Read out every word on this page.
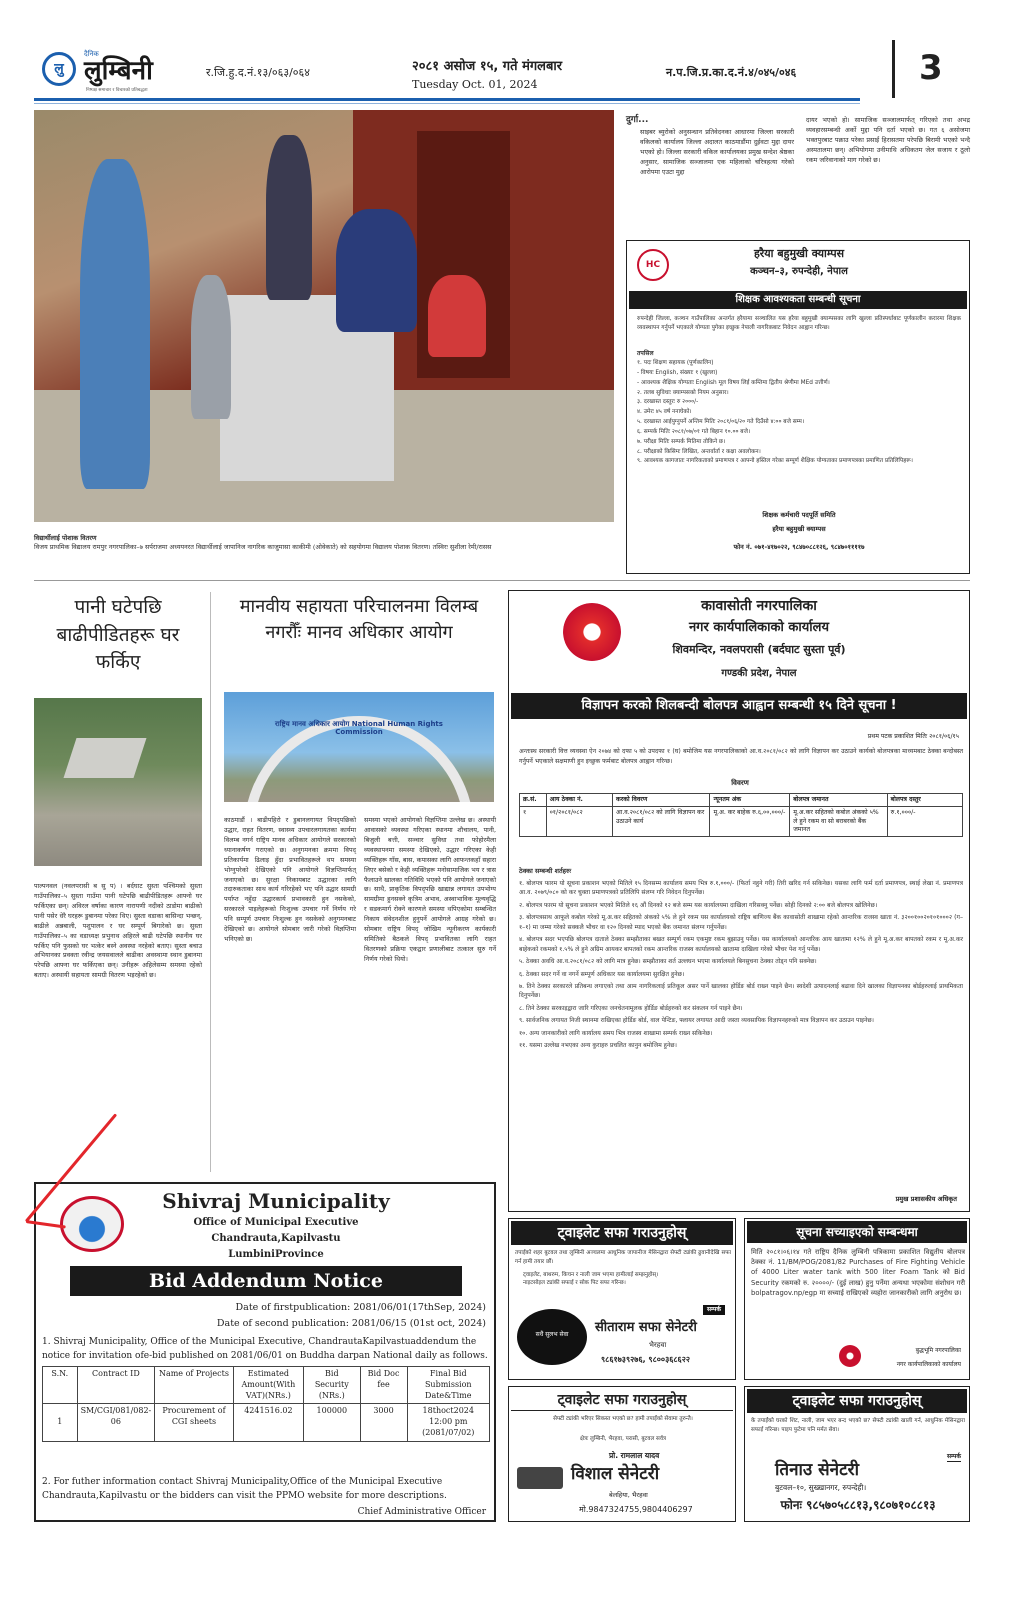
लु
दैनिक
लुम्बिनी
निष्पक्ष समाचार र विचारको प्रतिबद्धता
र.जि.हु.द.नं.१३/०६३/०६४	२०८१ असोज १५, गते मंगलबार
Tuesday Oct. 01, 2024
न.प.जि.प्र.का.द.नं.४/०४५/०४६	3
विद्यार्थीलाई पोशाक वितरण
विजय प्राथमिक विद्यालय रामपुर नगरपालिका–७ सर्पराजमा अध्ययनरत विद्यार्थीलाई जापानिज नागरिक काजुमासा काकीमी (ओवेकाते) को सहयोगमा विद्यालय पोशाक वितरण। तस्विरः सुशीला रेमी/रासस
दुर्गा...
साइबर ब्युरोको अनुसन्धान प्रतिवेदनका आधारमा जिल्ला सरकारी वकिलको कार्यालय जिल्ला अदालत काठमाडौंमा दुईवटा मुद्दा दायर भएको हो। जिल्ला सरकारी वकिल कार्यालयका प्रमुख सन्देश श्रेष्ठका अनुसार, सामाजिक सञ्जालमा एक महिलाको चरित्रहत्या गरेको आरोपमा एउटा मुद्दा
दायर भएको हो। सामाजिक सञ्जालमार्फत् गरिएको तथा अभद्र व्यवहारसम्बन्धी अर्को मुद्दा पनि दर्ता भएको छ। गत ६ असोजमा भक्तपुरबाट पक्राउ परेका प्रसाईं हिरासतमा परेपछि बिरामी भएको भन्दै अस्पतालमा छन्। अभियोगमा उनीमाथि अधिकतम जेल सजाय र ठूलो रकम जरिवानाको माग गरेको छ।
HC
हरैया बहुमुखी क्याम्पस
कञ्चन–३, रुपन्देही, नेपाल
शिक्षक आवश्यकता सम्बन्धी सूचना
रुपन्देही जिल्ला, कञ्चन गाउँपालिका अन्तर्गत हरैयामा सञ्चालित यस हरैया बहुमुखी क्याम्पसका लागि खुल्ला प्रतिस्पर्धाबाट पूर्णकालीन करारमा शिक्षक व्यवस्थापन गर्नुपर्ने भएकाले योग्यता पुगेका इच्छुक नेपाली नागरिकबाट निवेदन आह्वान गरिन्छ।
तपसिल
१. पदः शिक्षण सहायक (पूर्णकालिन)
- विषयः English, संख्याः १ (खुल्ला)
- आवश्यक शैक्षिक योग्यताः English मूल विषय लिई कम्तिमा द्वितीय श्रेणीमा MEd उत्तीर्ण।
२. तलब सुविधाः क्याम्पसको नियम अनुसार।
३. दरखास्त दस्तुरः रु २०००/-
४. उमेरः ४५ वर्ष ननाघेको।
५. दरखास्त आईपुग्नुपर्ने अन्तिम मितिः २०८१/०६/२० गते दिउँसो ४:०० बजे सम्म।
६. सम्पर्क मितिः २०८१/०७/०१ गते बिहान १०.०० बजे।
७. परीक्षा मितिः सम्पर्क मितिमा तोकिने छ।
८. परीक्षाको किसिमः लिखित, अन्तर्वार्ता र कक्षा अवलोकन।
९. आवश्यक कागजातः नागरिकताको प्रमाणपत्र र आफ्नो हस्तिल गरेका सम्पूर्ण शैक्षिक योग्यताका प्रमाणपत्रका प्रमाणित प्रतिलिपिहरू।
शिक्षक कर्मचारी पदपूर्ति समिति
हरैया बहुमुखी क्याम्पस
फोन नं. ०७१-४१७०२२, ९८४७०८८१२६, ९८४७०११११७
पानी घटेपछि बाढीपीडितहरू घर फर्किए
पाल्पनवल (नवलपरासी ब सु प) । बर्दघाट सुस्ता पश्चिमको सुस्ता गाउँपालिका–५ सुस्ता गाउँमा पानी घटेपछि बाढीपीडितहरू आफ्नो घर फर्किएका छन्। अविरल वर्षाका कारण नारायणी नदीको ठाडोमा बाढीको पानी पसेर धेरै घरहरू डुबानमा परेका थिए। सुस्ता वडाका बासिन्दा भन्छन्, बाढीले अन्नबाली, पशुपालन र घर सम्पूर्ण बिगारेको छ। सुस्ता गाउँपालिका–५ का वडाध्यक्ष प्रभुनाथ अहिरले बाढी घटेपछि स्थानीय घर फर्किए पनि फुसको घर भत्केर बस्ने अवस्था नरहेको बताए। सुस्ता बचाउ अभियानका प्रवक्ता रवीन्द्र जयसवालले बाढीका अवस्थामा स्थान डुबानमा परेपछि आफ्ना घर फर्किएका छन्। उनीहरू अहिलेसम्म समस्या रहेको बताए। अस्थायी सहायता सामग्री वितरण भइरहेको छ।
मानवीय सहायता परिचालनमा विलम्ब नगरौँः मानव अधिकार आयोग
राष्ट्रिय मानव अधिकार आयोग National Human Rights Commission
काठमाडौं । बाढीपहिरो र डुबानलगायत विपद्पछिको उद्धार, राहत वितरण, स्वास्थ्य उपचारलगायतका कार्यमा विलम्ब नगर्न राष्ट्रिय मानव अधिकार आयोगले सरकारको ध्यानाकर्षण गराएको छ। अनुगमनका क्रममा विपद् प्रतिकार्यमा ढिलाइ हुँदा प्रभावितहरूले थप समस्या भोग्नुपरेको देखिएको पनि आयोगले विज्ञप्तिमार्फत् जनाएको छ। सुरक्षा निकायबाट उद्धारका लागि तदारुकताका साथ कार्य गरिरहेको भए पनि उद्धार सामग्री पर्याप्त नहुँदा उद्धारकार्य प्रभावकारी हुन नसकेको, सरकारले पाइलेहरूको निःशुल्क उपचार गर्ने निर्णय गरे पनि सम्पूर्ण उपचार निःशुल्क हुन नसकेको अनुगमनबाट देखिएको छ। आयोगले सोमबार जारी गरेको विज्ञप्तिमा भनिएको छ।
समस्या भएको आयोगको विज्ञप्तिमा उल्लेख छ। अस्थायी आवासको व्यवस्था गरिएका स्थानमा शौचालय, पानी, बिजुली बत्ती, सञ्चार सुविधा तथा फोहोरमैला व्यवस्थापनमा समस्या देखिएको, उद्धार गरिएका केही व्यक्तिहरू गाँस, बास, कपासका लागि आफन्तकहाँ सहारा लिएर बसेको र केही व्यक्तिहरू मनोसामाजिक भय र त्रास फैलाउने खालका गतिविधि भएको पनि आयोगले जनाएको छ। साथै, प्राकृतिक विपद्पछि खाद्यान्न लगायत उपभोग्य सामग्रीमा हुनसक्ने कृत्रिम अभाव, अस्वाभाविक मूल्यवृद्धि र सडकमार्ग रोक्ने कारणले समस्या थपिएकोमा सम्बन्धित निकाय संवेदनशील हुनुपर्ने आयोगले आग्रह गरेको छ। सोमबार राष्ट्रिय विपद् जोखिम न्यूनीकरण कार्यकारी समितिको बैठकले विपद् प्रभावितका लागि राहत वितरणको प्रक्रिया एकद्वार प्रणालीबाट तत्काल सुरु गर्ने निर्णय गरेको थियो।
कावासोती नगरपालिका
नगर कार्यपालिकाको कार्यालय
शिवमन्दिर, नवलपरासी (बर्दघाट सुस्ता पूर्व)
गण्डकी प्रदेश, नेपाल
विज्ञापन करको शिलबन्दी बोलपत्र आह्वान सम्बन्धी १५ दिने सूचना !
प्रथम पटक प्रकाशित मितिः २०८१/०६/१५
अन्तःस्थ सरकारी वित्त व्यवस्था ऐन २०७४ को दफा ५ को उपदफा १ (घ) बमोजिम यस नगरपालिकाको आ.व.२०८१/०८२ को लागि विज्ञापन कर उठाउने कार्यको बोलपत्रका माध्यमबाट ठेक्का बन्दोबस्त गर्नुपर्ने भएकाले सक्षमाणी हुन इच्छुक फर्मबाट बोलपत्र आह्वान गरिन्छ।
विवरण
क्र.सं.	आय ठेक्का नं.	करको विवरण	न्यूनतम अंक	बोलपत्र जमानत	बोलपत्र दस्तुर
१	०१/२०८१/०८२	आ.व.२०८१/०८२ को लागि विज्ञापन कर उठाउने कार्य	मू.अ. कर बाहेक रु.६,००,०००/-	मू.अ.कर सहितको कबोल अंकको ५% ले हुने रकम वा सो बराबरको बैंक जमानत	रु.१,०००/-
ठेक्का सम्बन्धी शर्तहरुः
१. बोलपत्र फारम यो सूचना प्रकाशन भएको मितिले १५ दिनसम्म कार्यालय समय भित्र रु.१,०००/- (फिर्ता नहुने गरी) तिरी खरिद गर्न सकिनेछ। यसका लागि फर्म दर्ता प्रमाणपत्र, स्थाई लेखा नं. प्रमाणपत्र आ.व. २०७९/०८० को कर चुक्ता प्रमाणपत्रको प्रतिलिपि संलग्न गरि निवेदन दिनुपर्नेछ।
२. बोलपत्र फारम यो सूचना प्रकाशन भएको मितिले १६ औं दिनको १२ बजे सम्म यस कार्यालयमा दाखिला गरिसक्नु पर्नेछ। सोही दिनको २:०० बजे बोलपत्र खोलिनेछ।
३. बोलपत्रसाथ आफूले कबोल गरेको मू.अ.कर सहितको अंकको ५% ले हुने रकम यस कार्यालयको राष्ट्रिय बाणिज्य बैंक कावासोती शाखामा रहेको आन्तरिक राजस्व खाता नं. ३२००१००२०१०१०००२ (ग–१–१) मा जम्मा गरेको सक्कलै भौचर वा १२० दिनको म्याद भएको बैंक जमानत संलग्न गर्नुपर्नेछ।
४. बोलपत्र सदर भएपछि बोलपत्र दाताले ठेक्का सम्झौताका बखत सम्पूर्ण रकम एकमुष्ट रकम बुझाउनु पर्नेछ। यस कार्यालयको आन्तरिक आय खातामा १२% ले हुने मू.अ.कर बापतको रकम र मू.अ.कर बाहेकको रकमको १.५% ले हुने अग्रिम आयकर बापतको रकम आन्तरिक राजस्व कार्यालयको खातामा दाखिला गरेको भौचर पेश गर्नु पर्नेछ।
५. ठेक्का अवधि आ.व.२०८१/०८२ को लागि मात्र हुनेछ। सम्झौताका शर्त उल्लघन भएमा कार्यालयले बिनसुचना ठेक्का तोड्न पनि सक्नेछ।
६. ठेक्का सदर गर्ने वा नगर्ने सम्पूर्ण अधिकार यस कार्यालयमा सुरक्षित हुनेछ।
७. तिने ठेक्का सरकारले प्रतिबन्ध लगाएको तथा आम नागरिकलाई प्रतिकूल असर पार्ने खालका होर्डिङ बोर्ड राख्न पाइने छैन। स्वदेशी उत्पादनलाई बढावा दिने खालका विज्ञापनका बोर्डहरुलाई प्राथमिकता दिनुपर्नेछ।
८. तिने ठेक्का सरकाइद्वारा जारि गरिएका जनचेतनामूलक होर्डिङ बोर्डहरुको कर संकलन गर्न पाइने छैन।
९. सार्वजनिक लगायत निजी स्थानमा राखिएका होर्डिङ बोर्ड, वाल पेन्टिङ, फ्लायर लगायत आदी जस्ता व्यवसायिक विज्ञापनहरुको मात्र विज्ञापन कर उठाउन पाइनेछ।
१०. अन्य जानकारीको लागि कार्यालय समय भित्र राजस्व शाखामा सम्पर्क राख्न सकिनेछ।
११. यसमा उल्लेख नभएका अन्य कुराहरु प्रचलित कानुन बमोजिम हुनेछ।
प्रमुख प्रशासकीय अधिकृत
Shivraj Municipality
Office of Municipal Executive
Chandrauta,Kapilvastu
LumbiniProvince
Bid Addendum Notice
Date of firstpublication: 2081/06/01(17thSep, 2024)
Date of second publication: 2081/06/15 (01st oct, 2024)
1. Shivraj Municipality, Office of the Municipal Executive, ChandrautaKapilvastuaddendum the notice for invitation ofe-bid published on 2081/06/01 on Buddha darpan National daily as follows.
S.N.	Contract ID	Name of Projects	Estimated Amount(With VAT)(NRs.)	Bid Security (NRs.)	Bid Doc fee	Final Bid Submission Date&Time
1	SM/CGI/081/082-06	Procurement of CGI sheets	4241516.02	100000	3000	18thoct2024 12:00 pm (2081/07/02)
2. For futher information contact Shivraj Municipality,Office of the Municipal Executive Chandrauta,Kapilvastu or the bidders can visit the PPMO website for more descriptions.
Chief Administrative Officer
ट्वाइलेट सफा गराउनुहोस्
तपाईको शहर बुटवल तथा लुम्बिनी अञ्चलमा आधुनिक जापानीज मेसिनद्वारा सेफ्टी ट्यांकी ढुवानीदेखि सफा गर्न हामी तयार छौं।
ट्वाइलेट, बाथरुम, किचन र नाली जाम भएमा हामीलाई सम्झनुहोस्।
नाइटसोइल ट्यांकी सफाई र सोक पिट सफा गरिन्छ।
सधैं सुलभ सेवा
सम्पर्क
सीताराम सफा सेनेटरी
भैरहवा
९८६१७३९२७६, ९८००३६८६२२
सूचना सच्याइएको सम्बन्धमा
मिति २०८१।०६।१४ गते राष्ट्रिय दैनिक लुम्बिनी पत्रिकामा प्रकाशित विद्युतीय बोलपत्र ठेक्का नं. 11/BM/POG/2081/82 Purchases of Fire Fighting Vehicle of 4000 Liter water tank with 500 liter Foam Tank को Bid Security रकमको रु. २००००/- (दुई लाख) हुनु पर्नेमा अन्यथा भएकोमा संशोधन गरी bolpatragov.np/egp मा सच्याई राखिएको व्यहोरा जानकारीको लागि अनुरोध छ।
बुद्धभूमि नगरपालिका
नगर कार्यपालिकाको कार्यालय
ट्वाइलेट सफा गराउनुहोस्
सेफ्टी ट्यांकी भरिएर सिकस्त भएको छ? हामी तपाईंको सेवामा तुरुन्तै।
क्षेत्रः लुम्बिनी, भैरहवा, परासी, बुटवल सर्वत्र
प्रो. रामलाल यादव
विशाल सेनेटरी
बेलहिया, भैरहवा
मो.9847324755,9804406297
ट्वाइलेट सफा गराउनुहोस्
के तपाईंको घरको शिट, नाली, जाम भएर बन्द भएको छ? सेफ्टी ट्यांकी खाली गर्न, आधुनिक मेसिनद्वारा सफाई गरिन्छ। पाइप फुटेमा पनि मर्मत सेवा।
सम्पर्क
तिनाउ सेनेटरी
बुटवल–१०, सुख्खानगर, रुपन्देही।
फोनः ९८५७०५८८१३,९८०७१०८८१३
